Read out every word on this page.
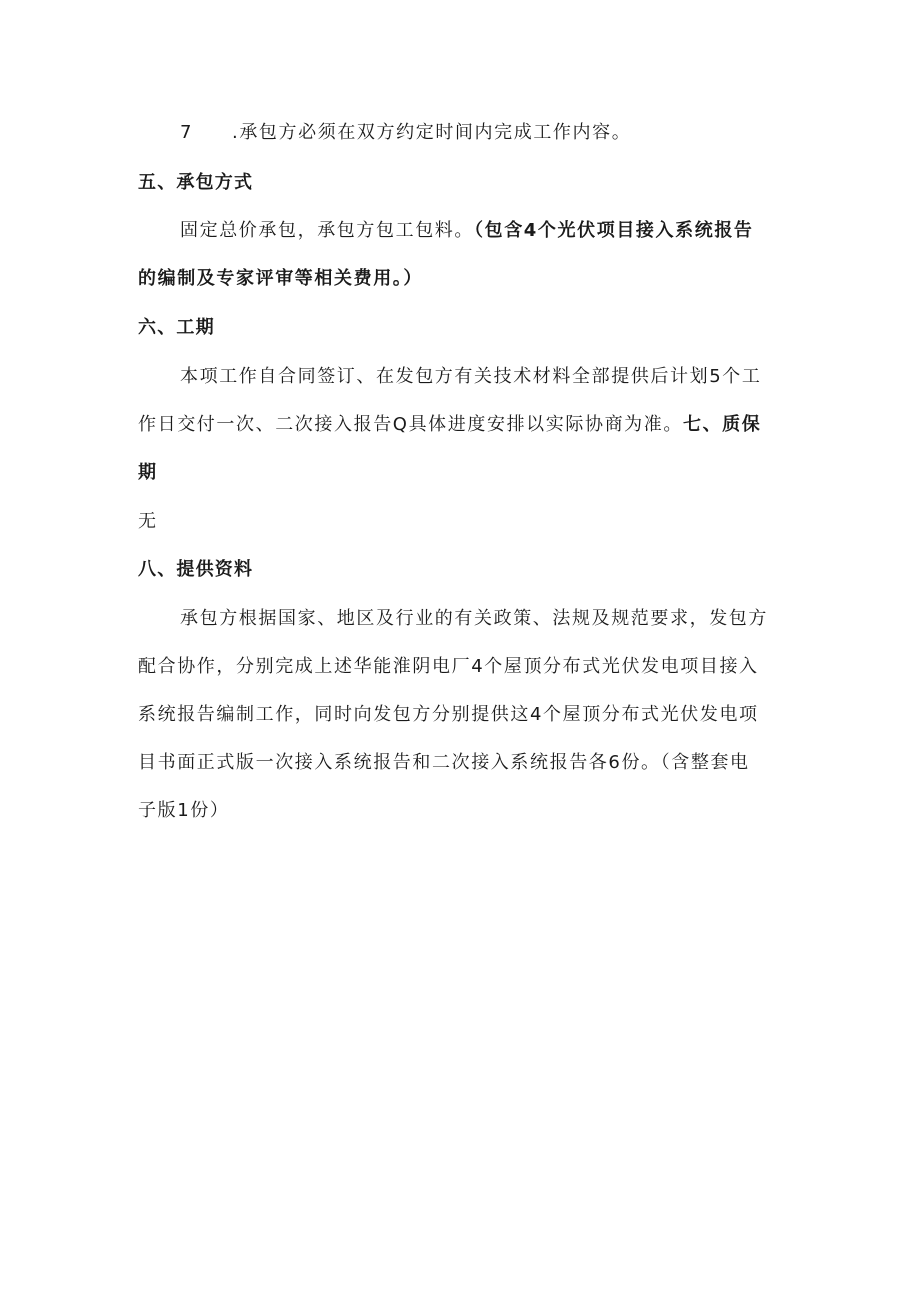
7 .承包方必须在双方约定时间内完成工作内容。
五、承包方式
固定总价承包，承包方包工包料。（包含4个光伏项目接入系统报告
的编制及专家评审等相关费用。）
六、工期
本项工作自合同签订、在发包方有关技术材料全部提供后计划5个工
作日交付一次、二次接入报告Q具体进度安排以实际协商为准。七、质保
期
无
八、提供资料
承包方根据国家、地区及行业的有关政策、法规及规范要求，发包方
配合协作，分别完成上述华能淮阴电厂4个屋顶分布式光伏发电项目接入
系统报告编制工作，同时向发包方分别提供这4个屋顶分布式光伏发电项
目书面正式版一次接入系统报告和二次接入系统报告各6份。（含整套电
子版1份）
